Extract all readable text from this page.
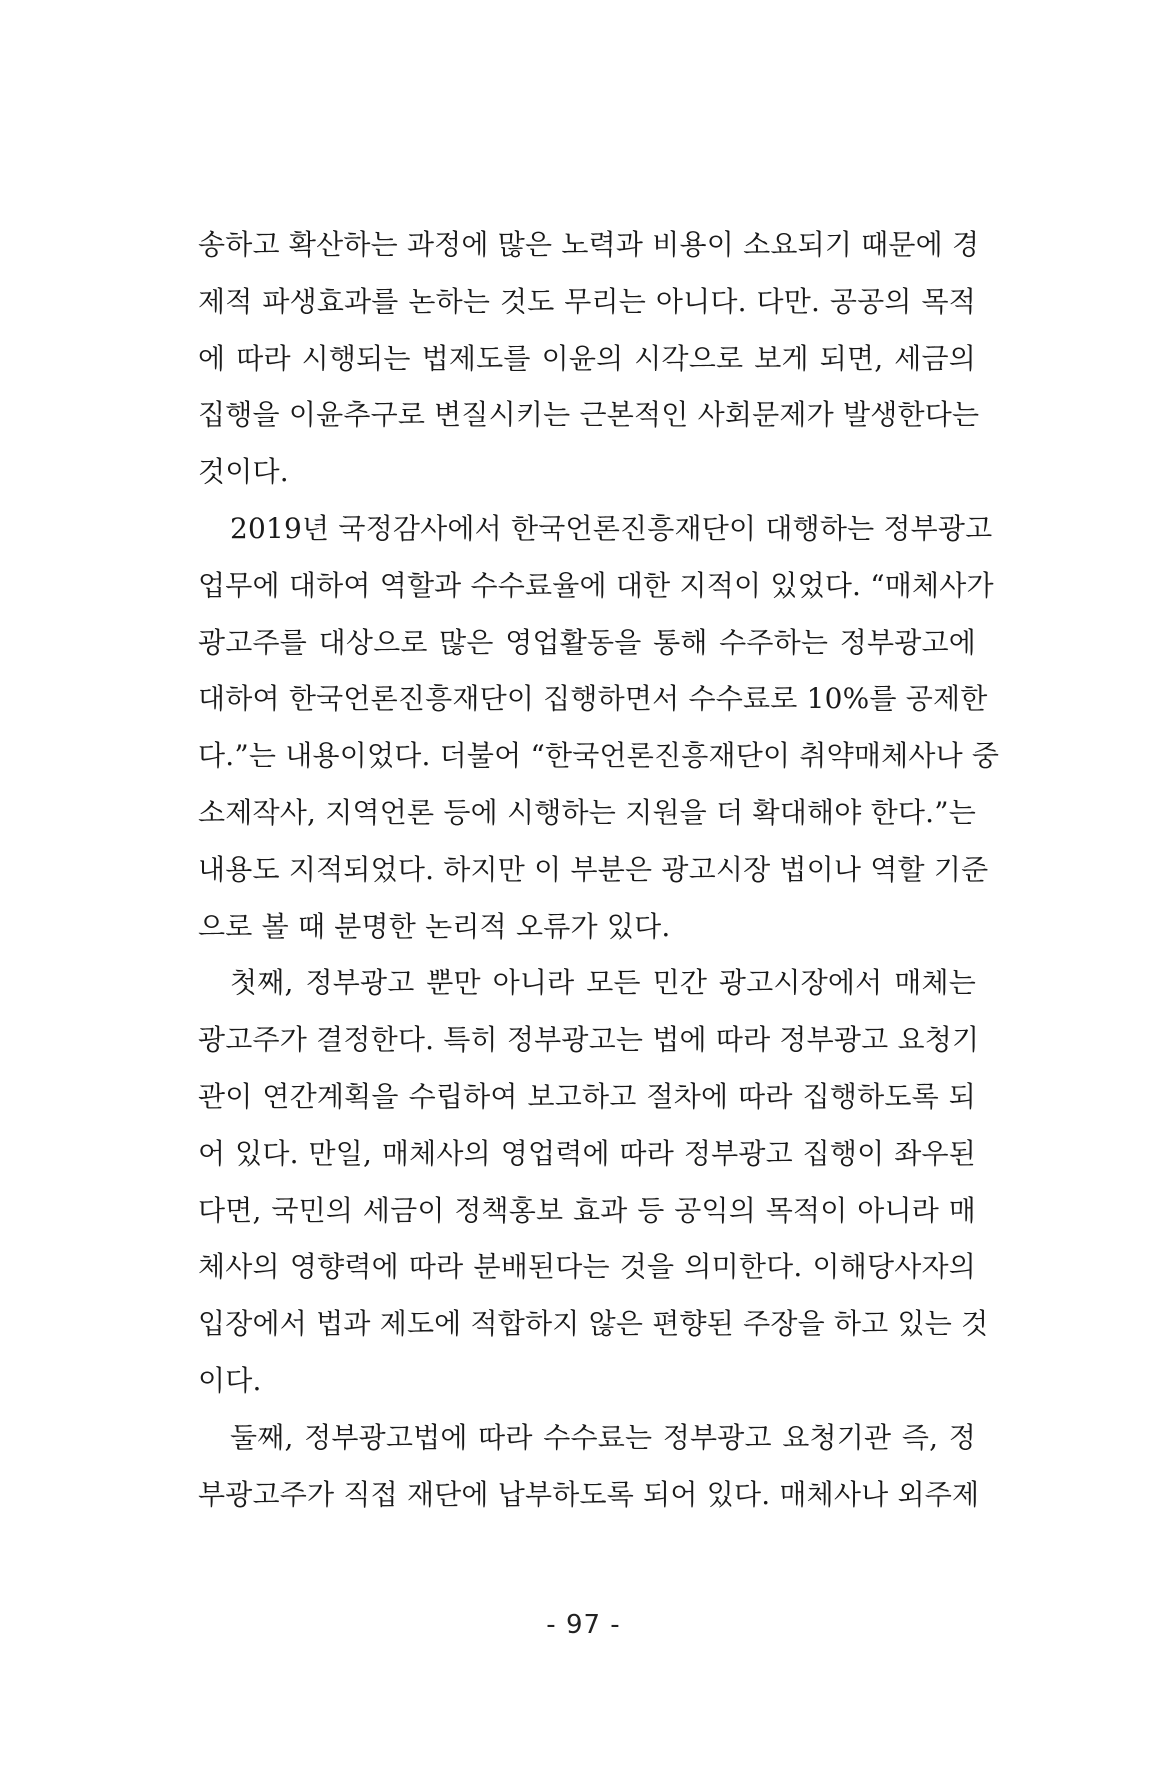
송하고 확산하는 과정에 많은 노력과 비용이 소요되기 때문에 경
제적 파생효과를 논하는 것도 무리는 아니다. 다만. 공공의 목적
에 따라 시행되는 법제도를 이윤의 시각으로 보게 되면, 세금의
집행을 이윤추구로 변질시키는 근본적인 사회문제가 발생한다는
것이다.
2019년 국정감사에서 한국언론진흥재단이 대행하는 정부광고
업무에 대하여 역할과 수수료율에 대한 지적이 있었다. “매체사가
광고주를 대상으로 많은 영업활동을 통해 수주하는 정부광고에
대하여 한국언론진흥재단이 집행하면서 수수료로 10%를 공제한
다.”는 내용이었다. 더불어 “한국언론진흥재단이 취약매체사나 중
소제작사, 지역언론 등에 시행하는 지원을 더 확대해야 한다.”는
내용도 지적되었다. 하지만 이 부분은 광고시장 법이나 역할 기준
으로 볼 때 분명한 논리적 오류가 있다.
첫째, 정부광고 뿐만 아니라 모든 민간 광고시장에서 매체는
광고주가 결정한다. 특히 정부광고는 법에 따라 정부광고 요청기
관이 연간계획을 수립하여 보고하고 절차에 따라 집행하도록 되
어 있다. 만일, 매체사의 영업력에 따라 정부광고 집행이 좌우된
다면, 국민의 세금이 정책홍보 효과 등 공익의 목적이 아니라 매
체사의 영향력에 따라 분배된다는 것을 의미한다. 이해당사자의
입장에서 법과 제도에 적합하지 않은 편향된 주장을 하고 있는 것
이다.
둘째, 정부광고법에 따라 수수료는 정부광고 요청기관 즉, 정
부광고주가 직접 재단에 납부하도록 되어 있다. 매체사나 외주제
- 97 -
